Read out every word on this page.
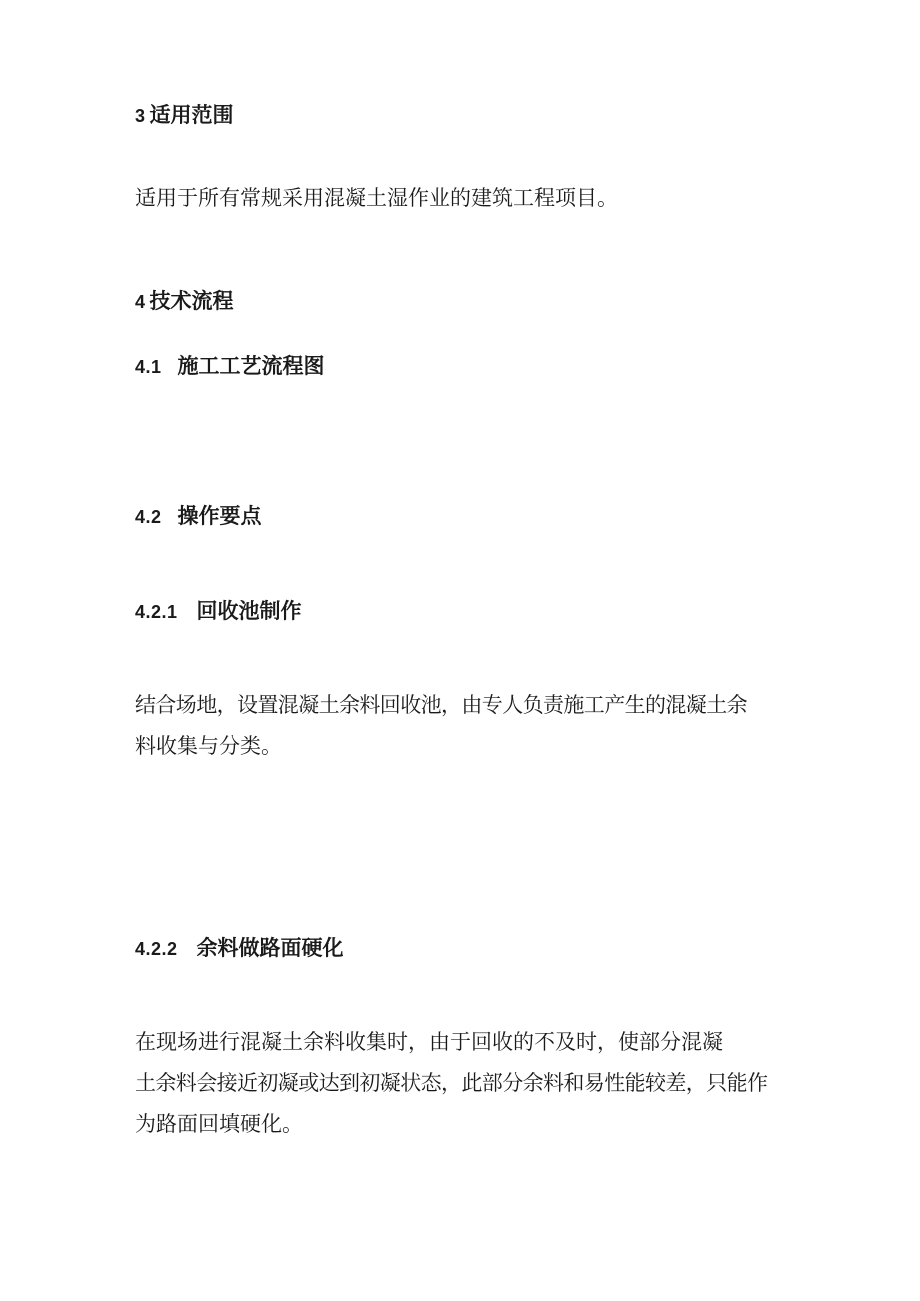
3 适用范围

适用于所有常规采用混凝土湿作业的建筑工程项目。

4 技术流程
4.1 施工工艺流程图
4.2 操作要点
4.2.1 回收池制作
结合场地，设置混凝土余料回收池，由专人负责施工产生的混凝土余
料收集与分类。
4.2.2 余料做路面硬化
在现场进行混凝土余料收集时，由于回收的不及时，使部分混凝
土余料会接近初凝或达到初凝状态，此部分余料和易性能较差，只能作
为路面回填硬化。
